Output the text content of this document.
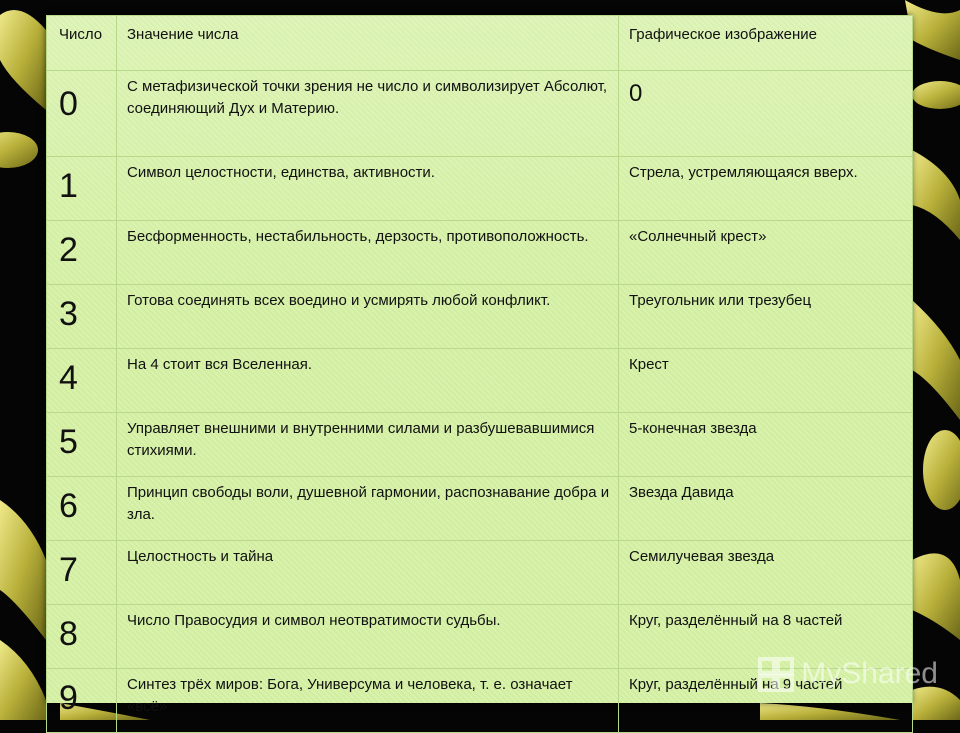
Число	Значение числа	Графическое изображение
0	С метафизической точки зрения не число и символизирует Абсолют, соединяющий Дух и Материю.	0
1	Символ целостности, единства, активности.	Стрела, устремляющаяся вверх.
2	Бесформенность, нестабильность, дерзость, противоположность.	«Солнечный крест»
3	Готова соединять всех воедино и усмирять любой конфликт.	Треугольник или трезубец
4	На 4 стоит вся Вселенная.	Крест
5	Управляет внешними и внутренними силами и разбушевавшимися стихиями.	5-конечная звезда
6	Принцип свободы воли, душевной гармонии, распознавание добра и зла.	Звезда Давида
7	Целостность и тайна	Семилучевая звезда
8	Число Правосудия и символ неотвратимости судьбы.	Круг, разделённый на 8 частей
9	Синтез трёх миров: Бога, Универсума и человека, т. е. означает «всё»	Круг, разделённый на 9 частей
MyShared
